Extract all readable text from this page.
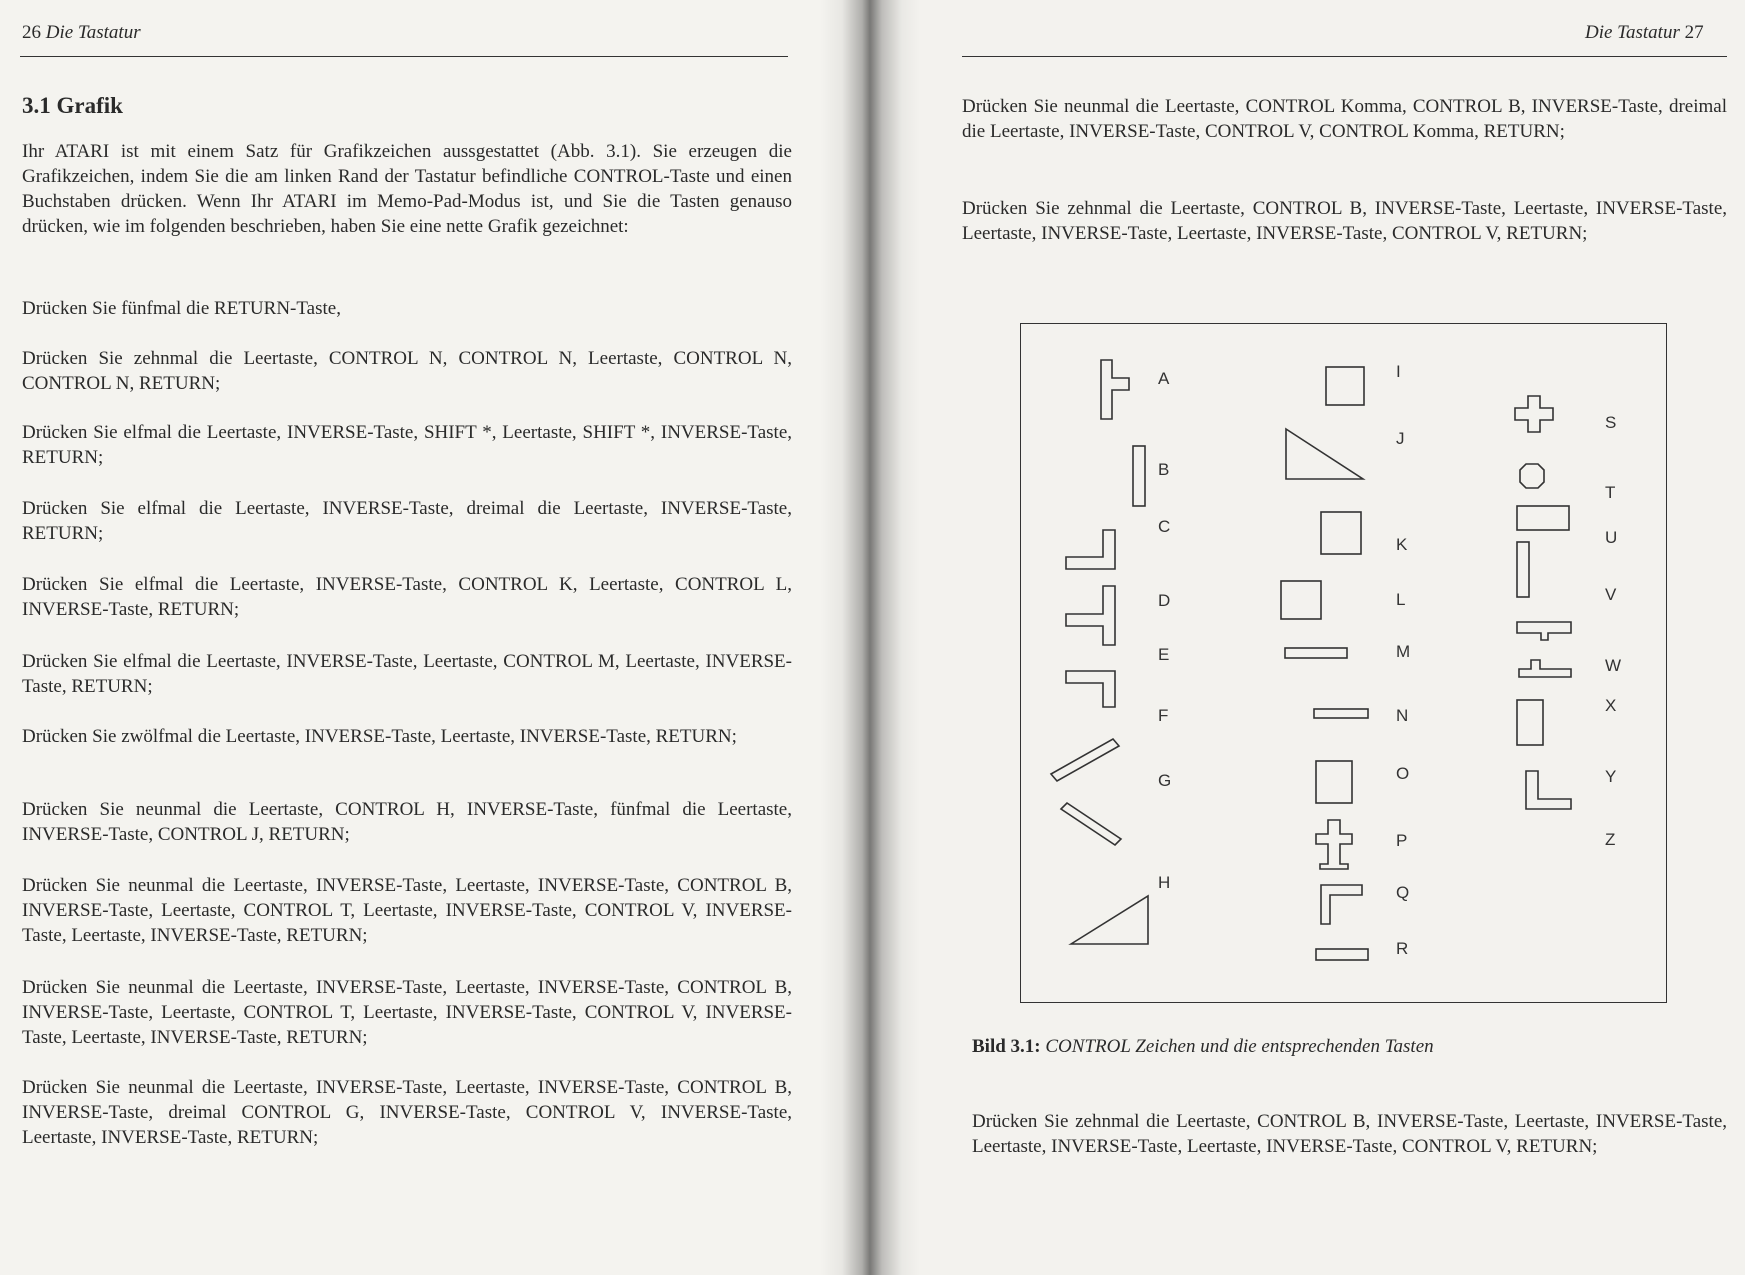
26 Die Tastatur
3.1 Grafik

Ihr ATARI ist mit einem Satz für Grafikzeichen aussgestattet (Abb. 3.1). Sie erzeugen die Grafikzeichen, indem Sie die am linken Rand der Tastatur befindliche CONTROL-Taste und einen Buchstaben drücken. Wenn Ihr ATARI im Memo-Pad-Modus ist, und Sie die Tasten genauso drücken, wie im folgenden beschrieben, haben Sie eine nette Grafik gezeichnet:

Drücken Sie fünfmal die RETURN-Taste,

Drücken Sie zehnmal die Leertaste, CONTROL N, CONTROL N, Leertaste, CONTROL N, CONTROL N, RETURN;

Drücken Sie elfmal die Leertaste, INVERSE-Taste, SHIFT *, Leertaste, SHIFT *, INVERSE-Taste, RETURN;

Drücken Sie elfmal die Leertaste, INVERSE-Taste, dreimal die Leertaste, INVERSE-Taste, RETURN;

Drücken Sie elfmal die Leertaste, INVERSE-Taste, CONTROL K, Leertaste, CONTROL L, INVERSE-Taste, RETURN;

Drücken Sie elfmal die Leertaste, INVERSE-Taste, Leertaste, CONTROL M, Leertaste, INVERSE-Taste, RETURN;

Drücken Sie zwölfmal die Leertaste, INVERSE-Taste, Leertaste, INVERSE-Taste, RETURN;

Drücken Sie neunmal die Leertaste, CONTROL H, INVERSE-Taste, fünfmal die Leertaste, INVERSE-Taste, CONTROL J, RETURN;

Drücken Sie neunmal die Leertaste, INVERSE-Taste, Leertaste, INVERSE-Taste, CONTROL B, INVERSE-Taste, Leertaste, CONTROL T, Leertaste, INVERSE-Taste, CONTROL V, INVERSE-Taste, Leertaste, INVERSE-Taste, RETURN;

Drücken Sie neunmal die Leertaste, INVERSE-Taste, Leertaste, INVERSE-Taste, CONTROL B, INVERSE-Taste, Leertaste, CONTROL T, Leertaste, INVERSE-Taste, CONTROL V, INVERSE-Taste, Leertaste, INVERSE-Taste, RETURN;

Drücken Sie neunmal die Leertaste, INVERSE-Taste, Leertaste, INVERSE-Taste, CONTROL B, INVERSE-Taste, dreimal CONTROL G, INVERSE-Taste, CONTROL V, INVERSE-Taste, Leertaste, INVERSE-Taste, RETURN;

Die Tastatur 27

Drücken Sie neunmal die Leertaste, CONTROL Komma, CONTROL B, INVERSE-Taste, dreimal die Leertaste, INVERSE-Taste, CONTROL V, CONTROL Komma, RETURN;

Drücken Sie zehnmal die Leertaste, CONTROL B, INVERSE-Taste, Leertaste, INVERSE-Taste, Leertaste, INVERSE-Taste, Leertaste, INVERSE-Taste, CONTROL V, RETURN;

A
B
C
D
E
F
G
H
I
J
K
L
M
N
O
P
Q
R
S
T
U
V
W
X
Y
Z

Bild 3.1: CONTROL Zeichen und die entsprechenden Tasten

Drücken Sie zehnmal die Leertaste, CONTROL B, INVERSE-Taste, Leertaste, INVERSE-Taste, Leertaste, INVERSE-Taste, Leertaste, INVERSE-Taste, CONTROL V, RETURN;
